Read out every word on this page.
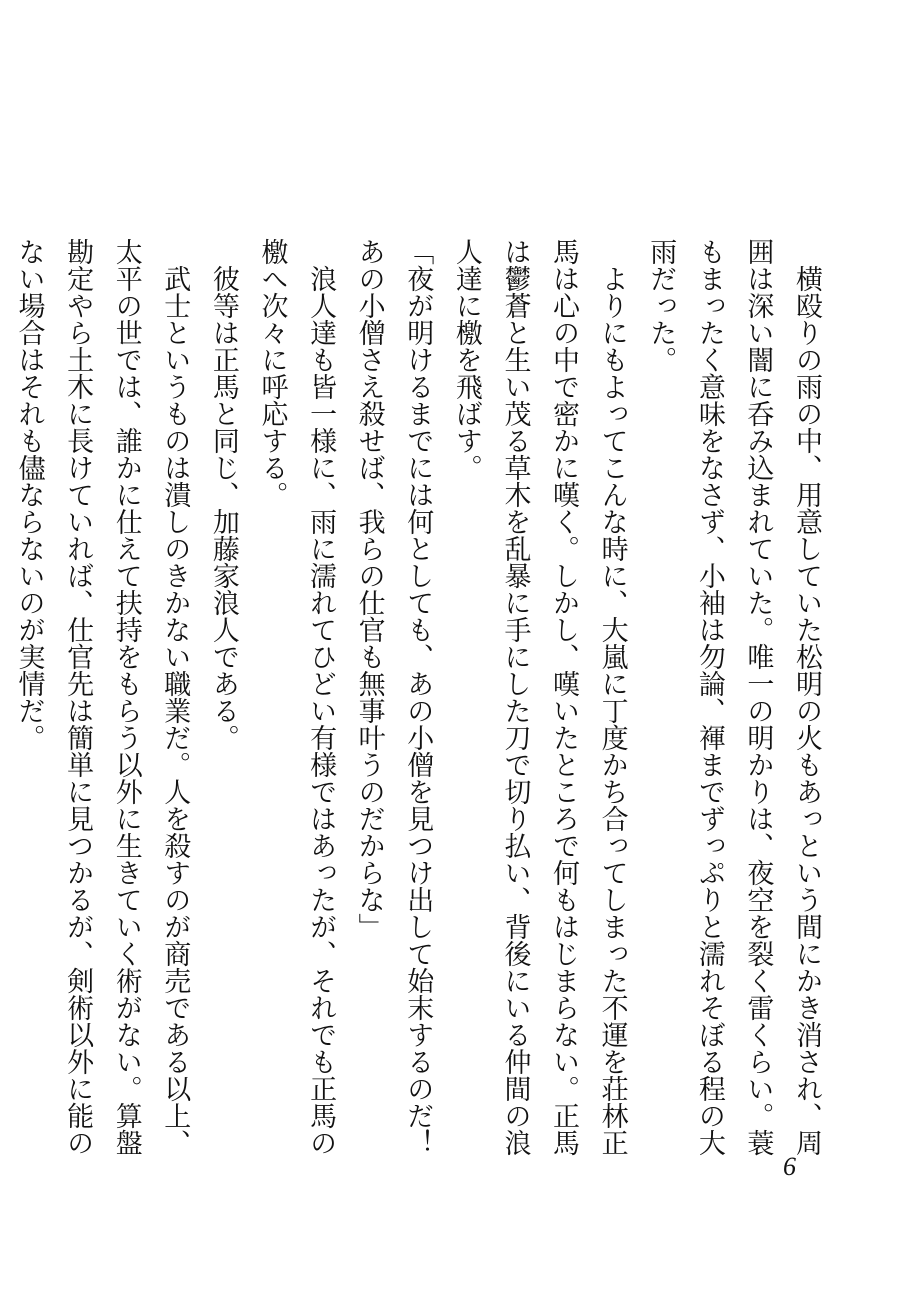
横殴りの雨の中、用意していた松明の火もあっという間にかき消され、周囲は深い闇に呑み込まれていた。唯一の明かりは、夜空を裂く雷くらい。蓑もまったく意味をなさず、小袖は勿論、褌までずっぷりと濡れそぼる程の大雨だった。

よりにもよってこんな時に、大嵐に丁度かち合ってしまった不運を荘林正馬は心の中で密かに嘆く。しかし、嘆いたところで何もはじまらない。正馬は鬱蒼と生い茂る草木を乱暴に手にした刀で切り払い、背後にいる仲間の浪人達に檄を飛ばす。

「夜が明けるまでには何としても、あの小僧を見つけ出して始末するのだ！　あの小僧さえ殺せば、我らの仕官も無事叶うのだからな」

浪人達も皆一様に、雨に濡れてひどい有様ではあったが、それでも正馬の檄へ次々に呼応する。

彼等は正馬と同じ、加藤家浪人である。

武士というものは潰しのきかない職業だ。人を殺すのが商売である以上、太平の世では、誰かに仕えて扶持をもらう以外に生きていく術がない。算盤勘定やら土木に長けていれば、仕官先は簡単に見つかるが、剣術以外に能のない場合はそれも儘ならないのが実情だ。

6
